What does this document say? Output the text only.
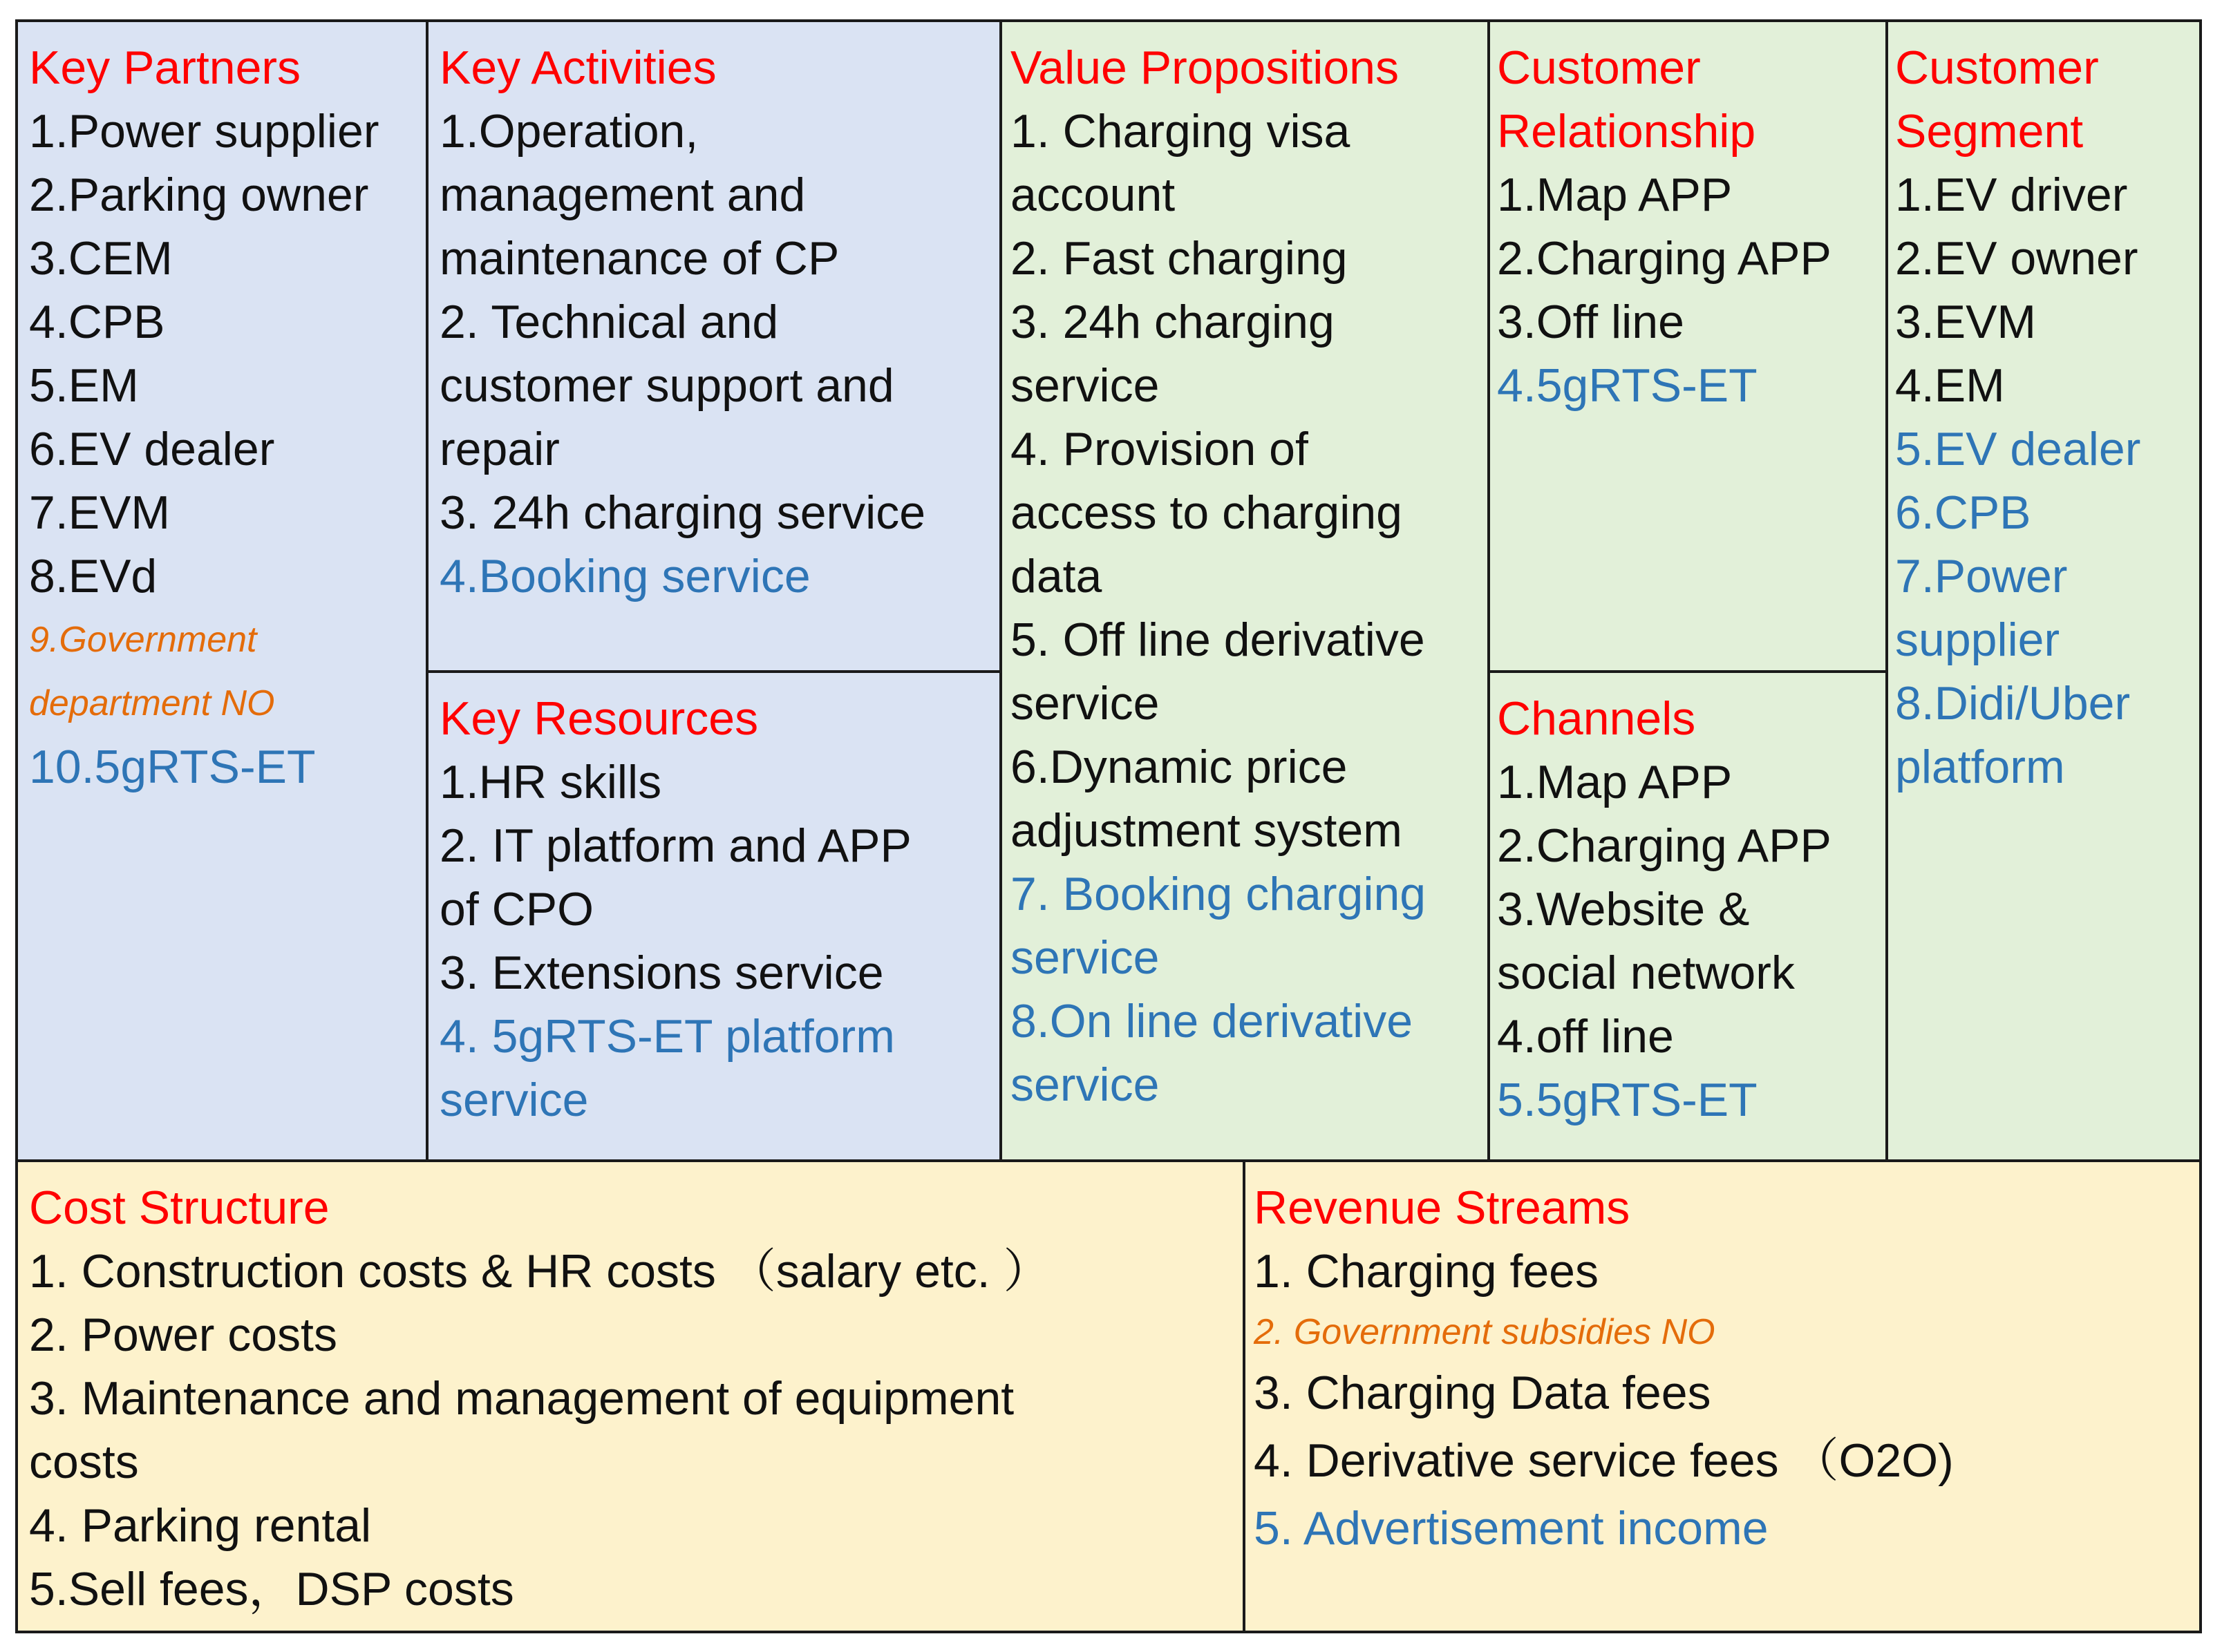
Key Partners
1.Power supplier
2.Parking owner
3.CEM
4.CPB
5.EM
6.EV dealer
7.EVM
8.EVd
9.Government
department NO
10.5gRTS-ET
Key Activities
1.Operation,
management and
maintenance of CP
2. Technical and
customer support and
repair
3. 24h charging service
4.Booking service
Key Resources
1.HR skills
2. IT platform and APP
of CPO
3. Extensions service
4. 5gRTS-ET platform
service
Value Propositions
1. Charging visa
account
2. Fast charging
3. 24h charging
service
4. Provision of
access to charging
data
5. Off line derivative
service
6.Dynamic price
adjustment system
7. Booking charging
service
8.On line derivative
service
Customer
Relationship
1.Map APP
2.Charging APP
3.Off line
4.5gRTS-ET
Channels
1.Map APP
2.Charging APP
3.Website &
social network
4.off line
5.5gRTS-ET
Customer
Segment
1.EV driver
2.EV owner
3.EVM
4.EM
5.EV dealer
6.CPB
7.Power
supplier
8.Didi/Uber
platform
Cost Structure
1. Construction costs & HR costs （salary etc. ）
2. Power costs
3. Maintenance and management of equipment
costs
4. Parking rental
5.Sell fees，DSP costs
Revenue Streams
1. Charging fees
2. Government subsidies NO
3. Charging Data fees
4. Derivative service fees （O2O)
5. Advertisement income
